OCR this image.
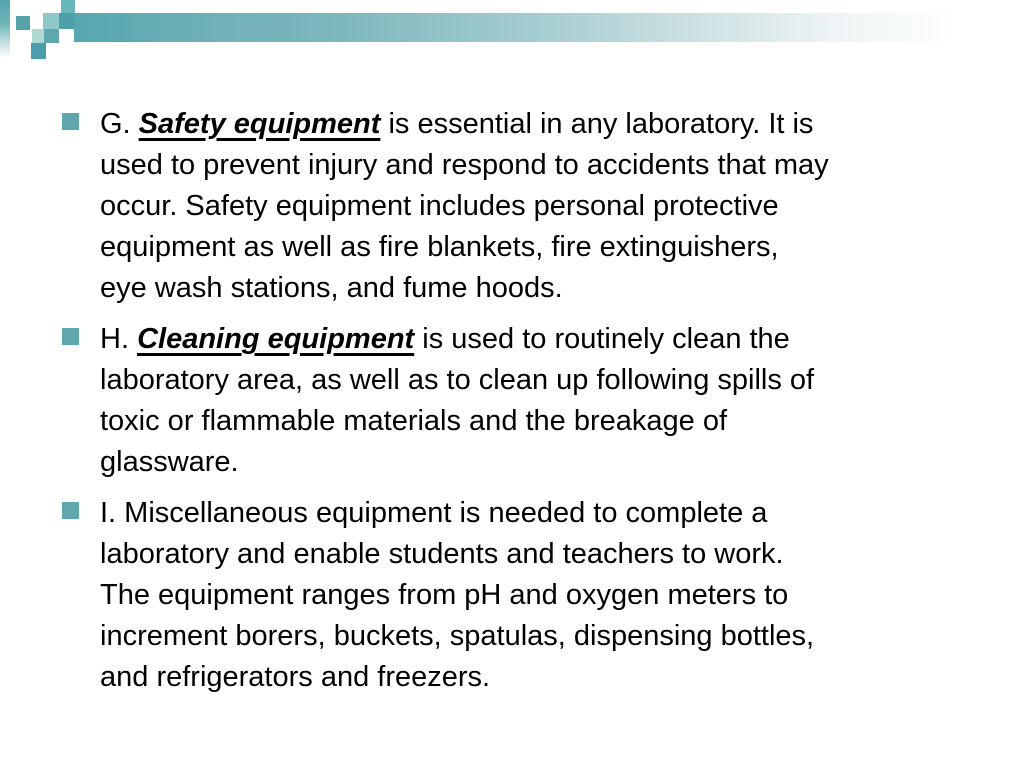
G. Safety equipment is essential in any laboratory. It is
used to prevent injury and respond to accidents that may
occur. Safety equipment includes personal protective
equipment as well as fire blankets, fire extinguishers,
eye wash stations, and fume hoods.
H. Cleaning equipment is used to routinely clean the
laboratory area, as well as to clean up following spills of
toxic or flammable materials and the breakage of
glassware.
I. Miscellaneous equipment is needed to complete a
laboratory and enable students and teachers to work.
The equipment ranges from pH and oxygen meters to
increment borers, buckets, spatulas, dispensing bottles,
and refrigerators and freezers.
